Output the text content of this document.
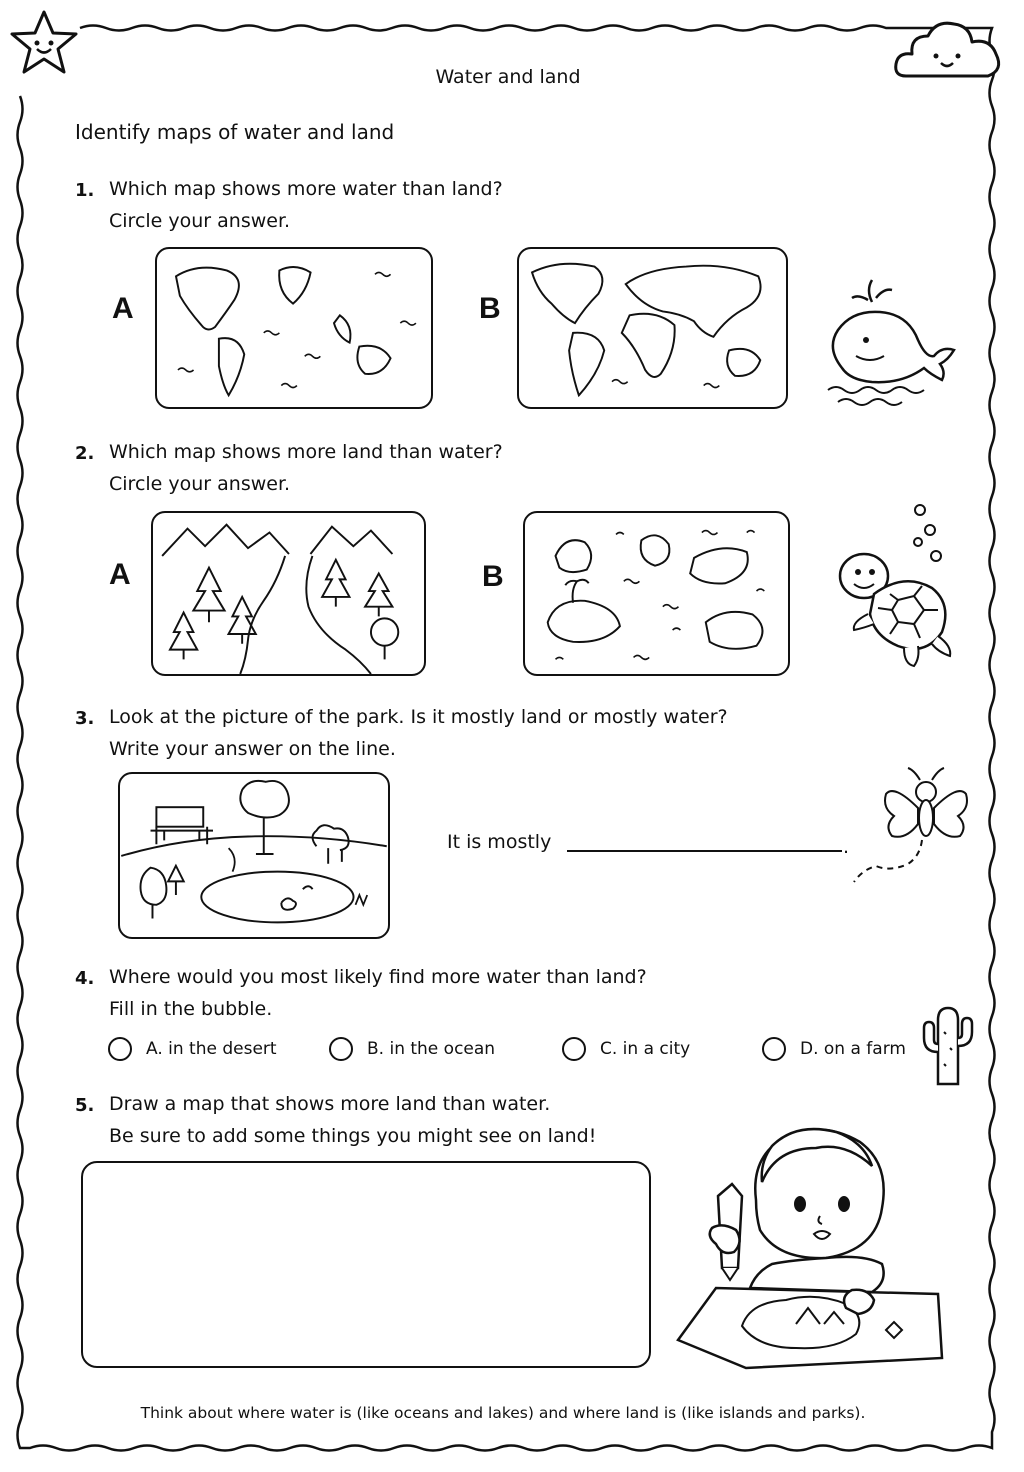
Water and land
Identify maps of water and land
1. Which map shows more water than land?
Circle your answer.
A	B
2. Which map shows more land than water?
Circle your answer.
A	B
3. Look at the picture of the park. Is it mostly land or mostly water?
Write your answer on the line.
It is mostly	.
4. Where would you most likely find more water than land?
Fill in the bubble.
A. in the desert	B. in the ocean	C. in a city	D. on a farm
5. Draw a map that shows more land than water.
Be sure to add some things you might see on land!
Think about where water is (like oceans and lakes) and where land is (like islands and parks).
